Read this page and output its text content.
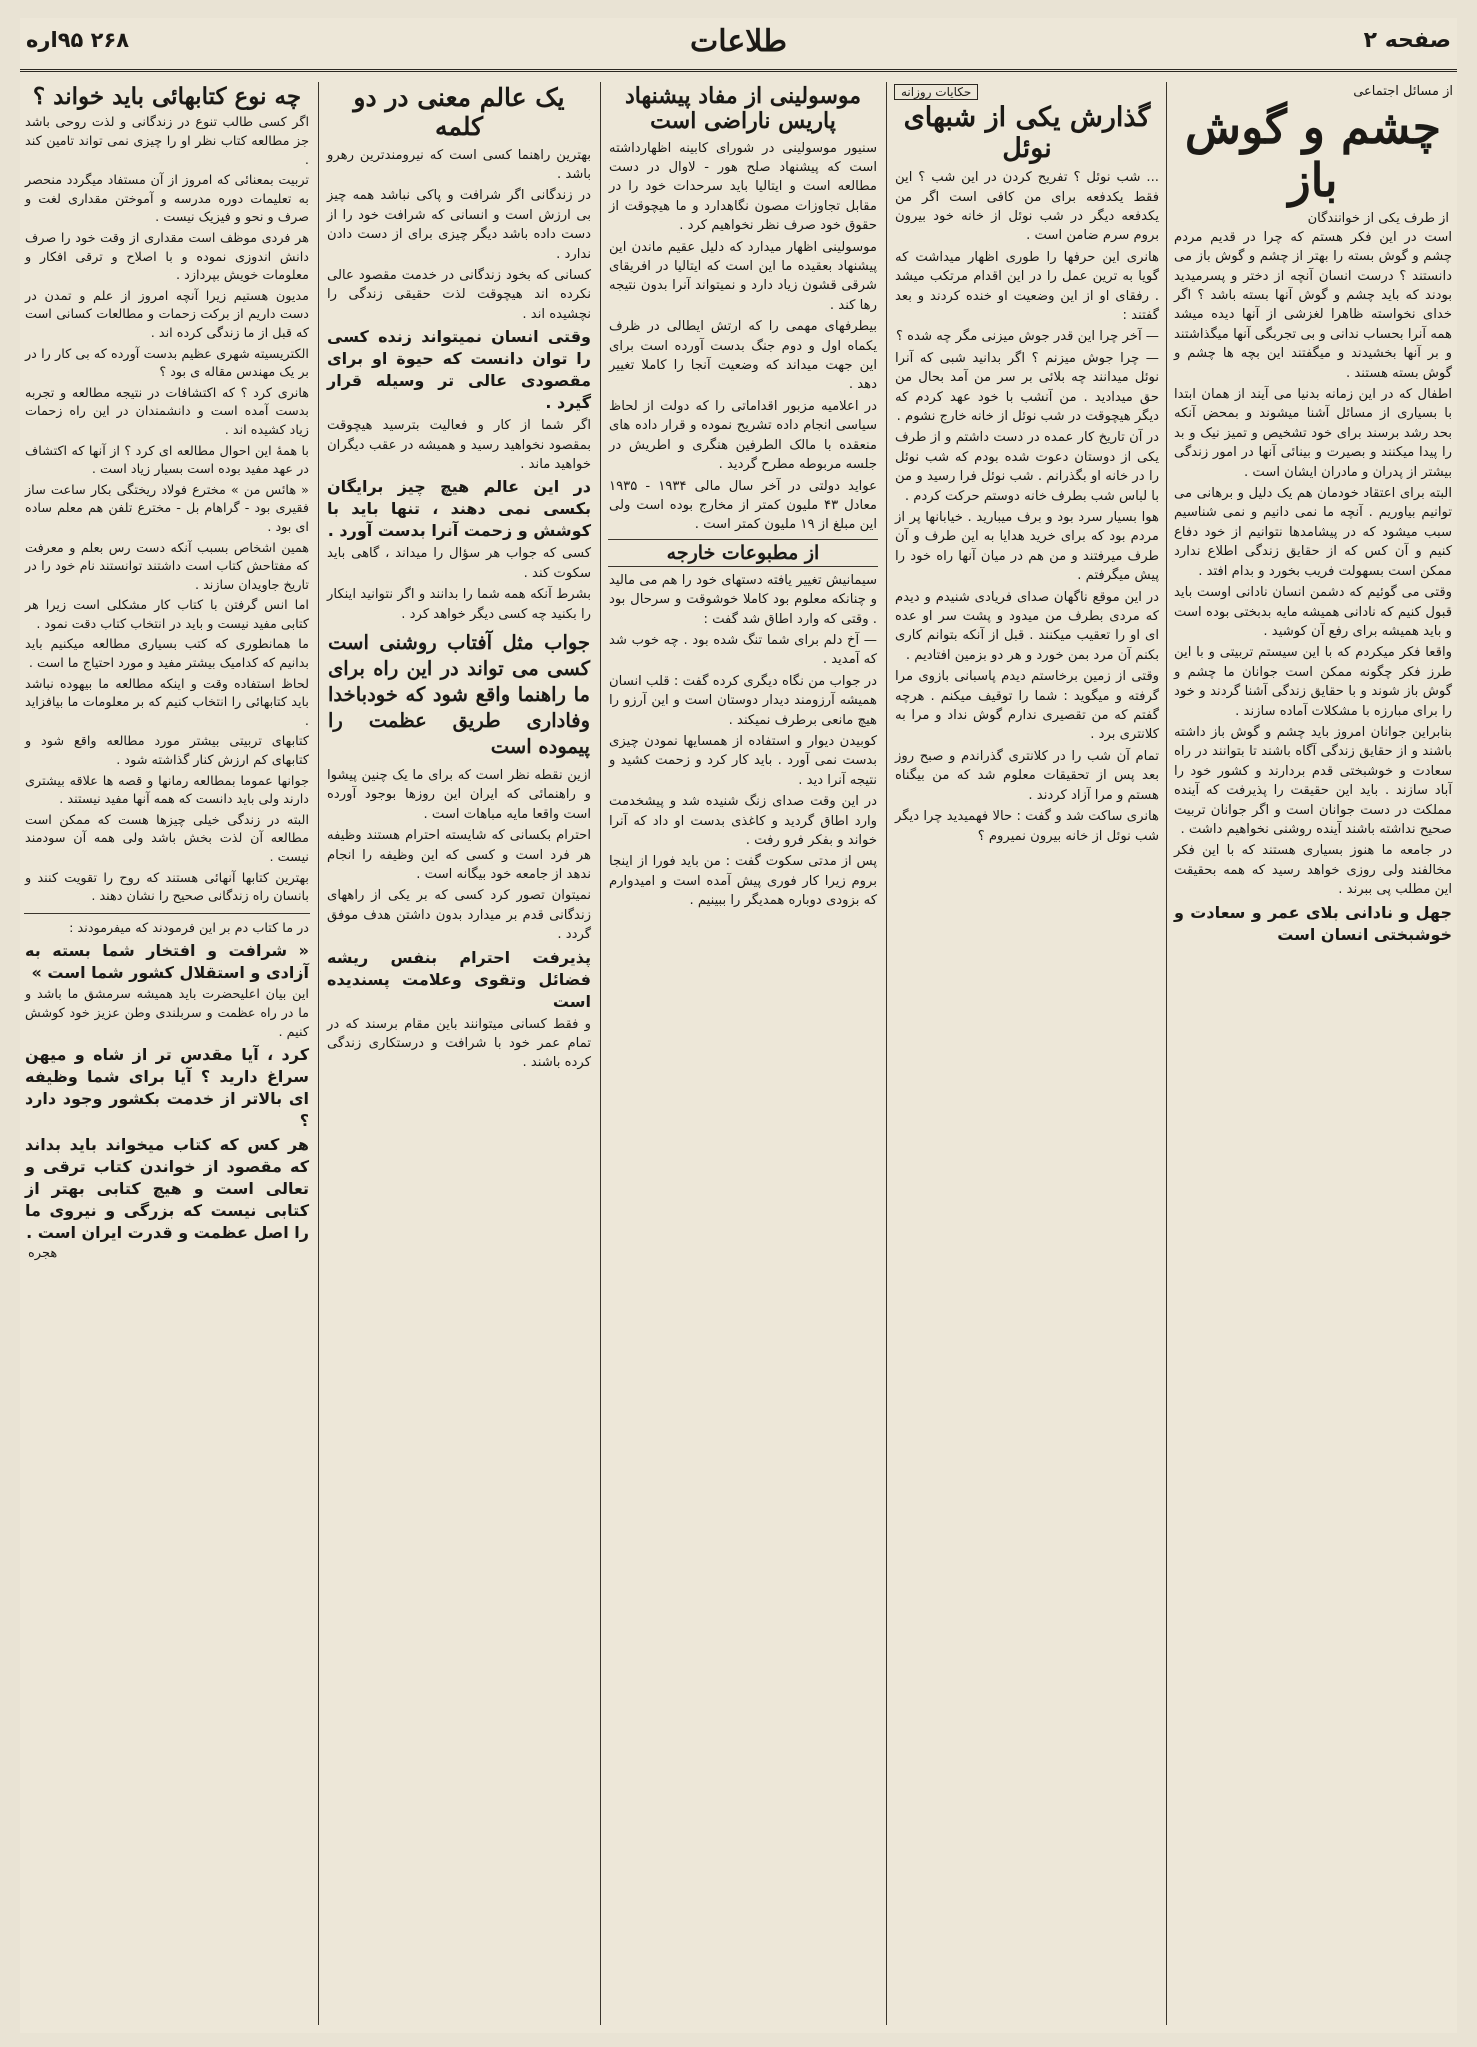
صفحه ۲
طلاعات
۲۶۸ ۹۵اره
از مسائل اجتماعی
چشم و گوش باز
از طرف یکی از خوانندگان

است در این فکر هستم که چرا در قدیم مردم چشم و گوش بسته را بهتر از چشم و گوش باز می دانستند ؟ درست انسان آنچه از دختر و پسرمیدید بودند که باید چشم و گوش آنها بسته باشد ؟ اگر خدای نخواسته ظاهرا لغزشی از آنها دیده میشد همه آنرا بحساب ندانی و بی تجربگی آنها میگذاشتند و بر آنها بخشیدند و میگفتند این بچه ها چشم و گوش بسته هستند .

اطفال که در این زمانه بدنیا می آیند از همان ابتدا با بسیاری از مسائل آشنا میشوند و بمحض آنکه بحد رشد برسند برای خود تشخیص و تمیز نیک و بد را پیدا میکنند و بصیرت و بینائی آنها در امور زندگی بیشتر از پدران و مادران ایشان است .

البته برای اعتقاد خودمان هم یک دلیل و برهانی می توانیم بیاوریم . آنچه ما نمی دانیم و نمی شناسیم سبب میشود که در پیشامدها نتوانیم از خود دفاع کنیم و آن کس که از حقایق زندگی اطلاع ندارد ممکن است بسهولت فریب بخورد و بدام افتد .

وقتی می گوئیم که دشمن انسان نادانی اوست باید قبول کنیم که نادانی همیشه مایه بدبختی بوده است و باید همیشه برای رفع آن کوشید .

واقعا فکر میکردم که با این سیستم تربیتی و با این طرز فکر چگونه ممکن است جوانان ما چشم و گوش باز شوند و با حقایق زندگی آشنا گردند و خود را برای مبارزه با مشکلات آماده سازند .

بنابراین جوانان امروز باید چشم و گوش باز داشته باشند و از حقایق زندگی آگاه باشند تا بتوانند در راه سعادت و خوشبختی قدم بردارند و کشور خود را آباد سازند . باید این حقیقت را پذیرفت که آینده مملکت در دست جوانان است و اگر جوانان تربیت صحیح نداشته باشند آینده روشنی نخواهیم داشت .

در جامعه ما هنوز بسیاری هستند که با این فکر مخالفند ولی روزی خواهد رسید که همه بحقیقت این مطلب پی ببرند .

جهل و نادانی بلای عمر و سعادت و خوشبختی انسان است

حکایات روزانه
گذارش یکی از شبهای نوئل

... شب نوئل ؟ تفریح کردن در این شب ؟ این فقط یکدفعه برای من کافی است اگر من یکدفعه دیگر در شب نوئل از خانه خود بیرون بروم سرم ضامن است .

هانری این حرفها را طوری اظهار میداشت که گویا به ترین عمل را در این اقدام مرتکب میشد . رفقای او از این وضعیت او خنده کردند و بعد گفتند :

— آخر چرا این قدر جوش میزنی مگر چه شده ؟

— چرا جوش میزنم ؟ اگر بدانید شبی که آنرا نوئل میدانند چه بلائی بر سر من آمد بحال من حق میدادید . من آنشب با خود عهد کردم که دیگر هیچوقت در شب نوئل از خانه خارج نشوم .

در آن تاریخ کار عمده در دست داشتم و از طرف یکی از دوستان دعوت شده بودم که شب نوئل را در خانه او بگذرانم . شب نوئل فرا رسید و من با لباس شب بطرف خانه دوستم حرکت کردم .

هوا بسیار سرد بود و برف میبارید . خیابانها پر از مردم بود که برای خرید هدایا به این طرف و آن طرف میرفتند و من هم در میان آنها راه خود را پیش میگرفتم .

در این موقع ناگهان صدای فریادی شنیدم و دیدم که مردی بطرف من میدود و پشت سر او عده ای او را تعقیب میکنند . قبل از آنکه بتوانم کاری بکنم آن مرد بمن خورد و هر دو بزمین افتادیم .

وقتی از زمین برخاستم دیدم پاسبانی بازوی مرا گرفته و میگوید : شما را توقیف میکنم . هرچه گفتم که من تقصیری ندارم گوش نداد و مرا به کلانتری برد .

تمام آن شب را در کلانتری گذراندم و صبح روز بعد پس از تحقیقات معلوم شد که من بیگناه هستم و مرا آزاد کردند .

هانری ساکت شد و گفت : حالا فهمیدید چرا دیگر شب نوئل از خانه بیرون نمیروم ؟

موسولینی از مفاد پیشنهاد پاریس ناراضی است

سنیور موسولینی در شورای کابینه اظهارداشته است که پیشنهاد صلح هور - لاوال در دست مطالعه است و ایتالیا باید سرحدات خود را در مقابل تجاوزات مصون نگاهدارد و ما هیچوقت از حقوق خود صرف نظر نخواهیم کرد .

موسولینی اظهار میدارد که دلیل عقیم ماندن این پیشنهاد بعقیده ما این است که ایتالیا در افریقای شرقی قشون زیاد دارد و نمیتواند آنرا بدون نتیجه رها کند .

بیطرفهای مهمی را که ارتش ایطالی در ظرف یکماه اول و دوم جنگ بدست آورده است برای این جهت میداند که وضعیت آنجا را کاملا تغییر دهد .

در اعلامیه مزبور اقداماتی را که دولت از لحاظ سیاسی انجام داده تشریح نموده و قرار داده های منعقده با مالک الطرفین هنگری و اطریش در جلسه مربوطه مطرح گردید .

عواید دولتی در آخر سال مالی ۱۹۳۴ - ۱۹۳۵ معادل ۴۳ ملیون کمتر از مخارج بوده است ولی این مبلغ از ۱۹ ملیون کمتر است .

از مطبوعات خارجه

سیمانیش تغییر یافته دستهای خود را هم می مالید و چنانکه معلوم بود کاملا خوشوقت و سرحال بود . وقتی که وارد اطاق شد گفت :

— آخ دلم برای شما تنگ شده بود . چه خوب شد که آمدید .

در جواب من نگاه دیگری کرده گفت : قلب انسان همیشه آرزومند دیدار دوستان است و این آرزو را هیچ مانعی برطرف نمیکند .

کوبیدن دیوار و استفاده از همسایها نمودن چیزی بدست نمی آورد . باید کار کرد و زحمت کشید و نتیجه آنرا دید .

در این وقت صدای زنگ شنیده شد و پیشخدمت وارد اطاق گردید و کاغذی بدست او داد که آنرا خواند و بفکر فرو رفت .

پس از مدتی سکوت گفت : من باید فورا از اینجا بروم زیرا کار فوری پیش آمده است و امیدوارم که بزودی دوباره همدیگر را ببینیم .

یک عالم معنی در دو کلمه

بهترین راهنما کسی است که نیرومندترین رهرو باشد .

در زندگانی اگر شرافت و پاکی نباشد همه چیز بی ارزش است و انسانی که شرافت خود را از دست داده باشد دیگر چیزی برای از دست دادن ندارد .

کسانی که بخود زندگانی در خدمت مقصود عالی نکرده اند هیچوقت لذت حقیقی زندگی را نچشیده اند .

وقتی انسان نمیتواند زنده کسی را توان دانست که حیوة او برای مقصودی عالی تر وسیله قرار گیرد .

اگر شما از کار و فعالیت بترسید هیچوقت بمقصود نخواهید رسید و همیشه در عقب دیگران خواهید ماند .

در این عالم هیچ چیز برایگان بکسی نمی دهند ، تنها باید با کوشش و زحمت آنرا بدست آورد .

کسی که جواب هر سؤال را میداند ، گاهی باید سکوت کند .

بشرط آنکه همه شما را بدانند و اگر نتوانید اینکار را بکنید چه کسی دیگر خواهد کرد .

جواب مثل آفتاب روشنی است کسی می تواند در این راه برای ما راهنما واقع شود که خودباخدا وفاداری طریق عظمت را پیموده است

ازین نقطه نظر است که برای ما یک چنین پیشوا و راهنمائی که ایران این روزها بوجود آورده است واقعا مایه مباهات است .

احترام بکسانی که شایسته احترام هستند وظیفه هر فرد است و کسی که این وظیفه را انجام ندهد از جامعه خود بیگانه است .

نمیتوان تصور کرد کسی که بر یکی از راههای زندگانی قدم بر میدارد بدون داشتن هدف موفق گردد .

پذیرفت احترام بنفس ریشه فضائل وتقوی وعلامت پسندیده است

و فقط کسانی میتوانند باین مقام برسند که در تمام عمر خود با شرافت و درستکاری زندگی کرده باشند .

چه نوع کتابهائی باید خواند ؟

اگر کسی طالب تنوع در زندگانی و لذت روحی باشد جز مطالعه کتاب نظر او را چیزی نمی تواند تامین کند .

تربیت بمعنائی که امروز از آن مستفاد میگردد منحصر به تعلیمات دوره مدرسه و آموختن مقداری لغت و صرف و نحو و فیزیک نیست .

هر فردی موظف است مقداری از وقت خود را صرف دانش اندوزی نموده و با اصلاح و ترقی افکار و معلومات خویش بپردازد .

مدیون هستیم زیرا آنچه امروز از علم و تمدن در دست داریم از برکت زحمات و مطالعات کسانی است که قبل از ما زندگی کرده اند .

الکتریسیته شهری عظیم بدست آورده که بی کار را در بر یک مهندس مقاله ی بود ؟

هانری کرد ؟ که اکتشافات در نتیجه مطالعه و تجربه بدست آمده است و دانشمندان در این راه زحمات زیاد کشیده اند .

با همهٔ این احوال مطالعه ای کرد ؟ از آنها که اکتشاف در عهد مفید بوده است بسیار زیاد است .

« هائس من » مخترع فولاد ریختگی بکار ساعت ساز فقیری بود - گراهام بل - مخترع تلفن هم معلم ساده ای بود .

همین اشخاص بسبب آنکه دست رس بعلم و معرفت که مفتاحش کتاب است داشتند توانستند نام خود را در تاریخ جاویدان سازند .

اما انس گرفتن با کتاب کار مشکلی است زیرا هر کتابی مفید نیست و باید در انتخاب کتاب دقت نمود .

ما همانطوری که کتب بسیاری مطالعه میکنیم باید بدانیم که کدامیک بیشتر مفید و مورد احتیاج ما است .

لحاظ استفاده وقت و اینکه مطالعه ما بیهوده نباشد باید کتابهائی را انتخاب کنیم که بر معلومات ما بیافزاید .

کتابهای تربیتی بیشتر مورد مطالعه واقع شود و کتابهای کم ارزش کنار گذاشته شود .

جوانها عموما بمطالعه رمانها و قصه ها علاقه بیشتری دارند ولی باید دانست که همه آنها مفید نیستند .

البته در زندگی خیلی چیزها هست که ممکن است مطالعه آن لذت بخش باشد ولی همه آن سودمند نیست .

بهترین کتابها آنهائی هستند که روح را تقویت کنند و بانسان راه زندگانی صحیح را نشان دهند .

در ما کتاب دم بر این فرمودند که میفرمودند :

« شرافت و افتخار شما بسته به آزادی و استقلال کشور شما است »

این بیان اعلیحضرت باید همیشه سرمشق ما باشد و ما در راه عظمت و سربلندی وطن عزیز خود کوشش کنیم .

کرد ، آیا مقدس تر از شاه و میهن سراغ دارید ؟ آیا برای شما وظیفه ای بالاتر از خدمت بکشور وجود دارد ؟

هر کس که کتاب میخواند باید بداند که مقصود از خواندن کتاب ترقی و تعالی است و هیچ کتابی بهتر از کتابی نیست که بزرگی و نیروی ما را اصل عظمت و قدرت ایران است .

هجره
